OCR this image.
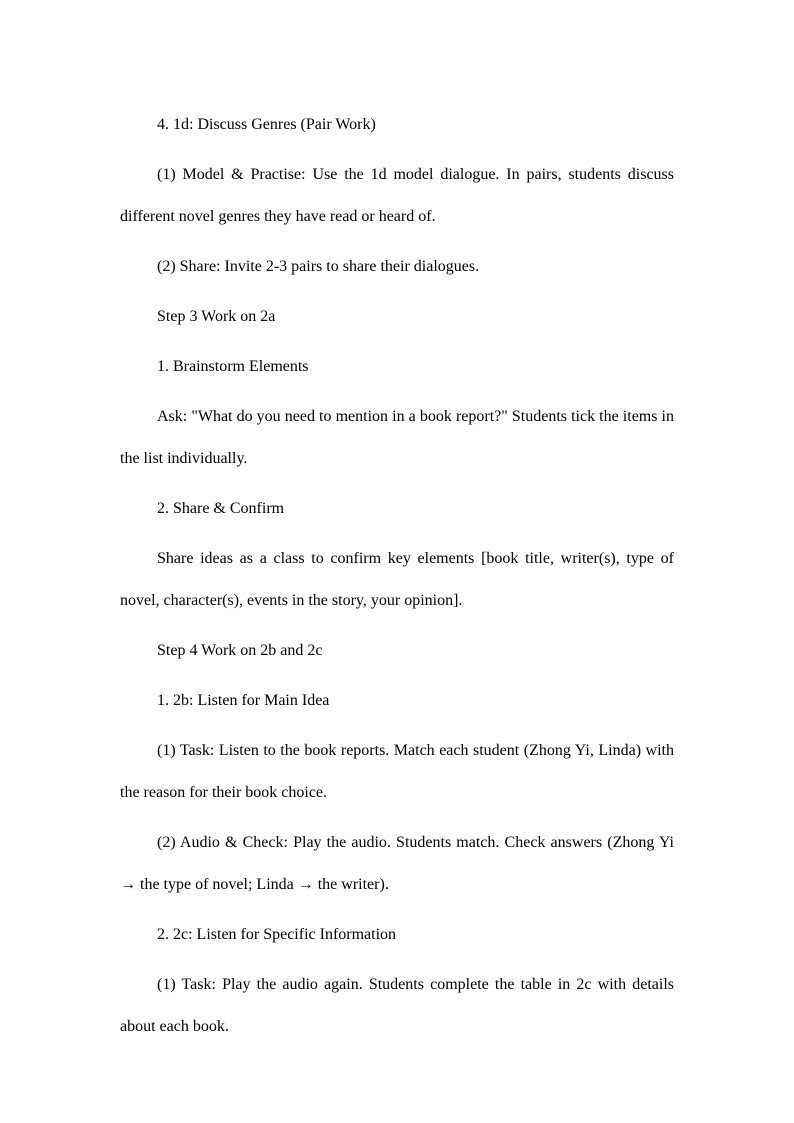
4. 1d: Discuss Genres (Pair Work)

(1) Model & Practise: Use the 1d model dialogue. In pairs, students discuss different novel genres they have read or heard of.

(2) Share: Invite 2-3 pairs to share their dialogues.

Step 3 Work on 2a

1. Brainstorm Elements

Ask: "What do you need to mention in a book report?" Students tick the items in the list individually.

2. Share & Confirm

Share ideas as a class to confirm key elements [book title, writer(s), type of novel, character(s), events in the story, your opinion].

Step 4 Work on 2b and 2c

1. 2b: Listen for Main Idea

(1) Task: Listen to the book reports. Match each student (Zhong Yi, Linda) with the reason for their book choice.

(2) Audio & Check: Play the audio. Students match. Check answers (Zhong Yi → the type of novel; Linda → the writer).

2. 2c: Listen for Specific Information

(1) Task: Play the audio again. Students complete the table in 2c with details about each book.
